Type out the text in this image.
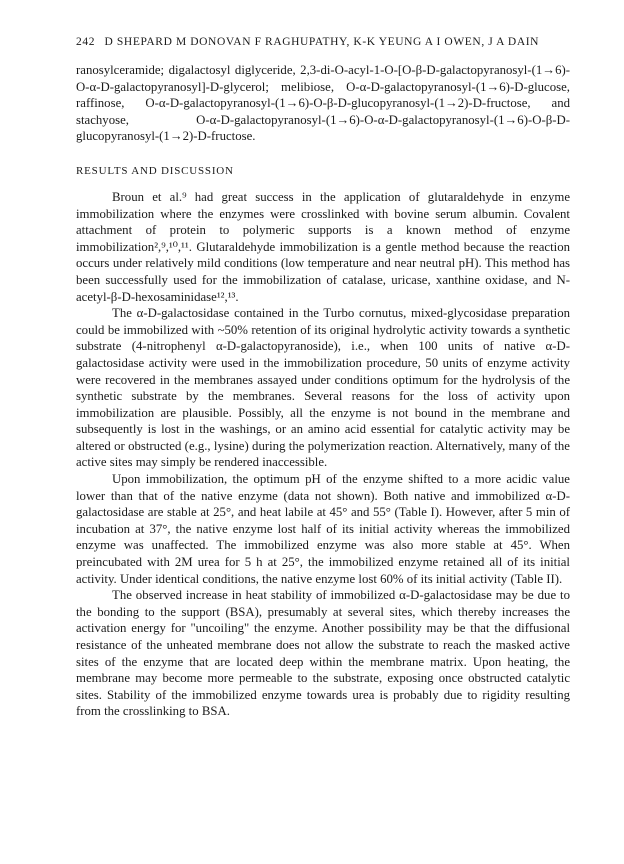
242 D SHEPARD M DONOVAN F RAGHUPATHY, K-K YEUNG A I OWEN, J A DAIN

ranosylceramide; digalactosyl diglyceride, 2,3-di-O-acyl-1-O-[O-β-D-galactopyranosyl-(1→6)-O-α-D-galactopyranosyl]-D-glycerol; melibiose, O-α-D-galactopyranosyl-(1→6)-D-glucose, raffinose, O-α-D-galactopyranosyl-(1→6)-O-β-D-glucopyranosyl-(1→2)-D-fructose, and stachyose, O-α-D-galactopyranosyl-(1→6)-O-α-D-galactopyranosyl-(1→6)-O-β-D-glucopyranosyl-(1→2)-D-fructose.

RESULTS AND DISCUSSION

Broun et al.⁹ had great success in the application of glutaraldehyde in enzyme immobilization where the enzymes were crosslinked with bovine serum albumin. Covalent attachment of protein to polymeric supports is a known method of enzyme immobilization²,⁹,¹⁰,¹¹. Glutaraldehyde immobilization is a gentle method because the reaction occurs under relatively mild conditions (low temperature and near neutral pH). This method has been successfully used for the immobilization of catalase, uricase, xanthine oxidase, and N-acetyl-β-D-hexosaminidase¹²,¹³.

The α-D-galactosidase contained in the Turbo cornutus, mixed-glycosidase preparation could be immobilized with ~50% retention of its original hydrolytic activity towards a synthetic substrate (4-nitrophenyl α-D-galactopyranoside), i.e., when 100 units of native α-D-galactosidase activity were used in the immobilization procedure, 50 units of enzyme activity were recovered in the membranes assayed under conditions optimum for the hydrolysis of the synthetic substrate by the membranes. Several reasons for the loss of activity upon immobilization are plausible. Possibly, all the enzyme is not bound in the membrane and subsequently is lost in the washings, or an amino acid essential for catalytic activity may be altered or obstructed (e.g., lysine) during the polymerization reaction. Alternatively, many of the active sites may simply be rendered inaccessible.

Upon immobilization, the optimum pH of the enzyme shifted to a more acidic value lower than that of the native enzyme (data not shown). Both native and immobilized α-D-galactosidase are stable at 25°, and heat labile at 45° and 55° (Table I). However, after 5 min of incubation at 37°, the native enzyme lost half of its initial activity whereas the immobilized enzyme was unaffected. The immobilized enzyme was also more stable at 45°. When preincubated with 2M urea for 5 h at 25°, the immobilized enzyme retained all of its initial activity. Under identical conditions, the native enzyme lost 60% of its initial activity (Table II).

The observed increase in heat stability of immobilized α-D-galactosidase may be due to the bonding to the support (BSA), presumably at several sites, which thereby increases the activation energy for "uncoiling" the enzyme. Another possibility may be that the diffusional resistance of the unheated membrane does not allow the substrate to reach the masked active sites of the enzyme that are located deep within the membrane matrix. Upon heating, the membrane may become more permeable to the substrate, exposing once obstructed catalytic sites. Stability of the immobilized enzyme towards urea is probably due to rigidity resulting from the crosslinking to BSA.
